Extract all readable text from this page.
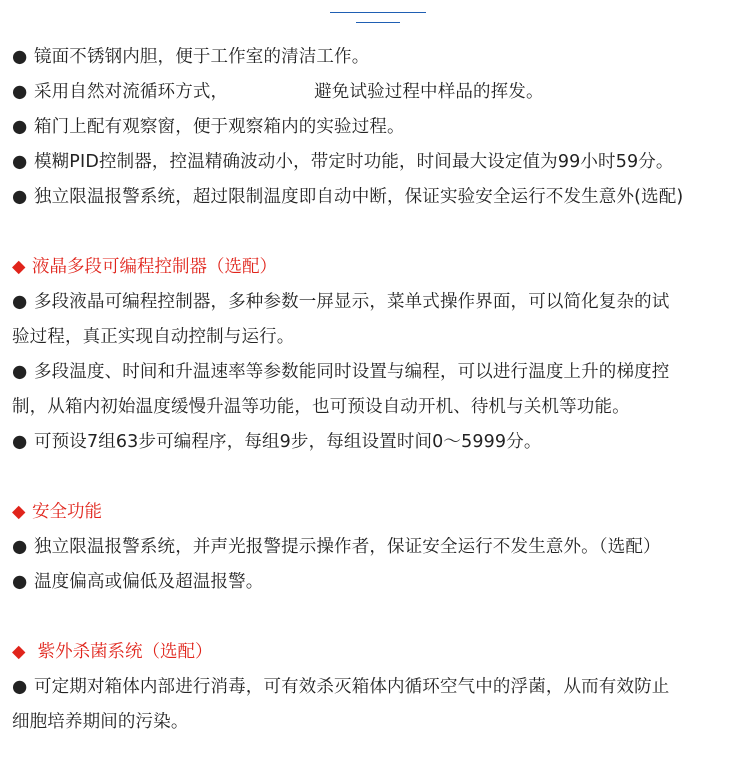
● 镜面不锈钢内胆，便于工作室的清洁工作。
● 采用自然对流循环方式，	避免试验过程中样品的挥发。
● 箱门上配有观察窗，便于观察箱内的实验过程。
● 模糊PID控制器，控温精确波动小，带定时功能，时间最大设定值为99小时59分。
● 独立限温报警系统，超过限制温度即自动中断，保证实验安全运行不发生意外(选配)
◆ 液晶多段可编程控制器（选配）
● 多段液晶可编程控制器，多种参数一屏显示，菜单式操作界面，可以简化复杂的试
验过程，真正实现自动控制与运行。
● 多段温度、时间和升温速率等参数能同时设置与编程，可以进行温度上升的梯度控
制，从箱内初始温度缓慢升温等功能，也可预设自动开机、待机与关机等功能。
● 可预设7组63步可编程序，每组9步，每组设置时间0～5999分。
◆ 安全功能
● 独立限温报警系统，并声光报警提示操作者，保证安全运行不发生意外。（选配）
● 温度偏高或偏低及超温报警。
◆ 紫外杀菌系统（选配）
● 可定期对箱体内部进行消毒，可有效杀灭箱体内循环空气中的浮菌，从而有效防止
细胞培养期间的污染。
